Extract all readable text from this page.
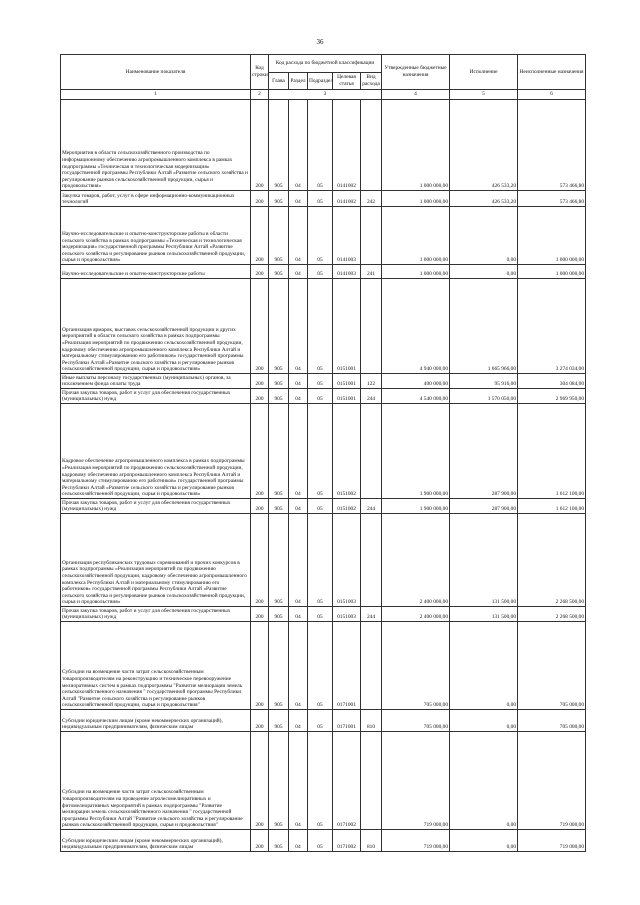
36
Наименование показателя	Код строки	Код расхода по бюджетной классификации					Утвержденные бюджетные назначения	Исполнение	Неисполненные назначения
		Глава	Раздел	Подраздел	Целевая статья	Вид расхода			
1	2	3					4	5	6
Мероприятия в области сельскохозяйственного производства по информационному обеспечению агропромышленного комплекса в рамках подпрограммы «Техническая и технологическая модернизация» государственной программы Республики Алтай «Развитие сельского хозяйства и регулирование рынков сельскохозяйственной продукции, сырья и продовольствия»	200	905	04	05	0141002		1 000 000,00	426 533,20	573 466,80
Закупка товаров, работ, услуг в сфере информационно-коммуникационных технологий	200	905	04	05	0141002	242	1 000 000,00	426 533,20	573 466,80
Научно-исследовательские и опытно-конструкторские работы в области сельского хозяйства в рамках подпрограммы «Техническая и технологическая модернизация» государственной программы Республики Алтай «Развитие сельского хозяйства и регулирование рынков сельскохозяйственной продукции, сырья и продовольствия»	200	905	04	05	0141003		1 000 000,00	0,00	1 000 000,00
Научно-исследовательские и опытно-конструкторские работы	200	905	04	05	0141003	241	1 000 000,00	0,00	1 000 000,00
Организация ярмарок, выставок сельскохозяйственной продукции и других мероприятий в области сельского хозяйства в рамках подпрограммы «Реализация мероприятий по продвижению сельскохозяйственной продукции, кадровому обеспечению агропромышленного комплекса Республики Алтай и материальному стимулированию его работников» государственной программы Республики Алтай «Развитие сельского хозяйства и регулирование рынков сельскохозяйственной продукции, сырья и продовольствия»	200	905	04	05	0151001		4 940 000,00	1 665 966,00	3 274 034,00
Иные выплаты персоналу государственных (муниципальных) органов, за исключением фонда оплаты труда	200	905	04	05	0151001	122	400 000,00	95 916,00	304 084,00
Прочая закупка товаров, работ и услуг для обеспечения государственных (муниципальных) нужд	200	905	04	05	0151001	244	4 540 000,00	1 570 050,00	2 969 950,00
Кадровое обеспечение агропромышленного комплекса в рамках подпрограммы «Реализация мероприятий по продвижению сельскохозяйственной продукции, кадровому обеспечению агропромышленного комплекса Республики Алтай и материальному стимулированию его работников» государственной программы Республики Алтай «Развитие сельского хозяйства и регулирование рынков сельскохозяйственной продукции, сырья и продовольствия»	200	905	04	05	0151002		1 900 000,00	287 900,00	1 612 100,00
Прочая закупка товаров, работ и услуг для обеспечения государственных (муниципальных) нужд	200	905	04	05	0151002	244	1 900 000,00	287 900,00	1 612 100,00
Организация республиканских трудовых соревнований и прочих конкурсов в рамках подпрограммы «Реализация мероприятий по продвижению сельскохозяйственной продукции, кадровому обеспечению агропромышленного комплекса Республики Алтай и материальному стимулированию его работников» государственной программы Республики Алтай «Развитие сельского хозяйства и регулирование рынков сельскохозяйственной продукции, сырья и продовольствия»	200	905	04	05	0151003		2 400 000,00	131 500,00	2 268 500,00
Прочая закупка товаров, работ и услуг для обеспечения государственных (муниципальных) нужд	200	905	04	05	0151003	244	2 400 000,00	131 500,00	2 268 500,00
Субсидии на возмещение части затрат сельскохозяйственным товаропроизводителям на реконструкцию и техническое перевооружение мелиоративных систем в рамках подпрограммы "Развитие мелиорации земель сельскохозяйственного назначения " государственной программы Республики Алтай "Развитие сельского хозяйства и регулирование рынков сельскохозяйственной продукции, сырья и продовольствия"	200	905	04	05	0171001		705 000,00	0,00	705 000,00
Субсидии юридическим лицам (кроме некоммерческих организаций), индивидуальным предпринимателям, физическим лицам	200	905	04	05	0171001	810	705 000,00	0,00	705 000,00
Субсидии на возмещение части затрат сельскохозяйственным товаропроизводителям на проведение агролесомелиоративных и фитомелиоративных мероприятий в рамках подпрограммы "Развитие мелиорации земель сельскохозяйственного назначения " государственной программы Республики Алтай "Развитие сельского хозяйства и регулирование рынков сельскохозяйственной продукции, сырья и продовольствия"	200	905	04	05	0171002		719 000,00	0,00	719 000,00
Субсидии юридическим лицам (кроме некоммерческих организаций), индивидуальным предпринимателям, физическим лицам	200	905	04	05	0171002	810	719 000,00	0,00	719 000,00
